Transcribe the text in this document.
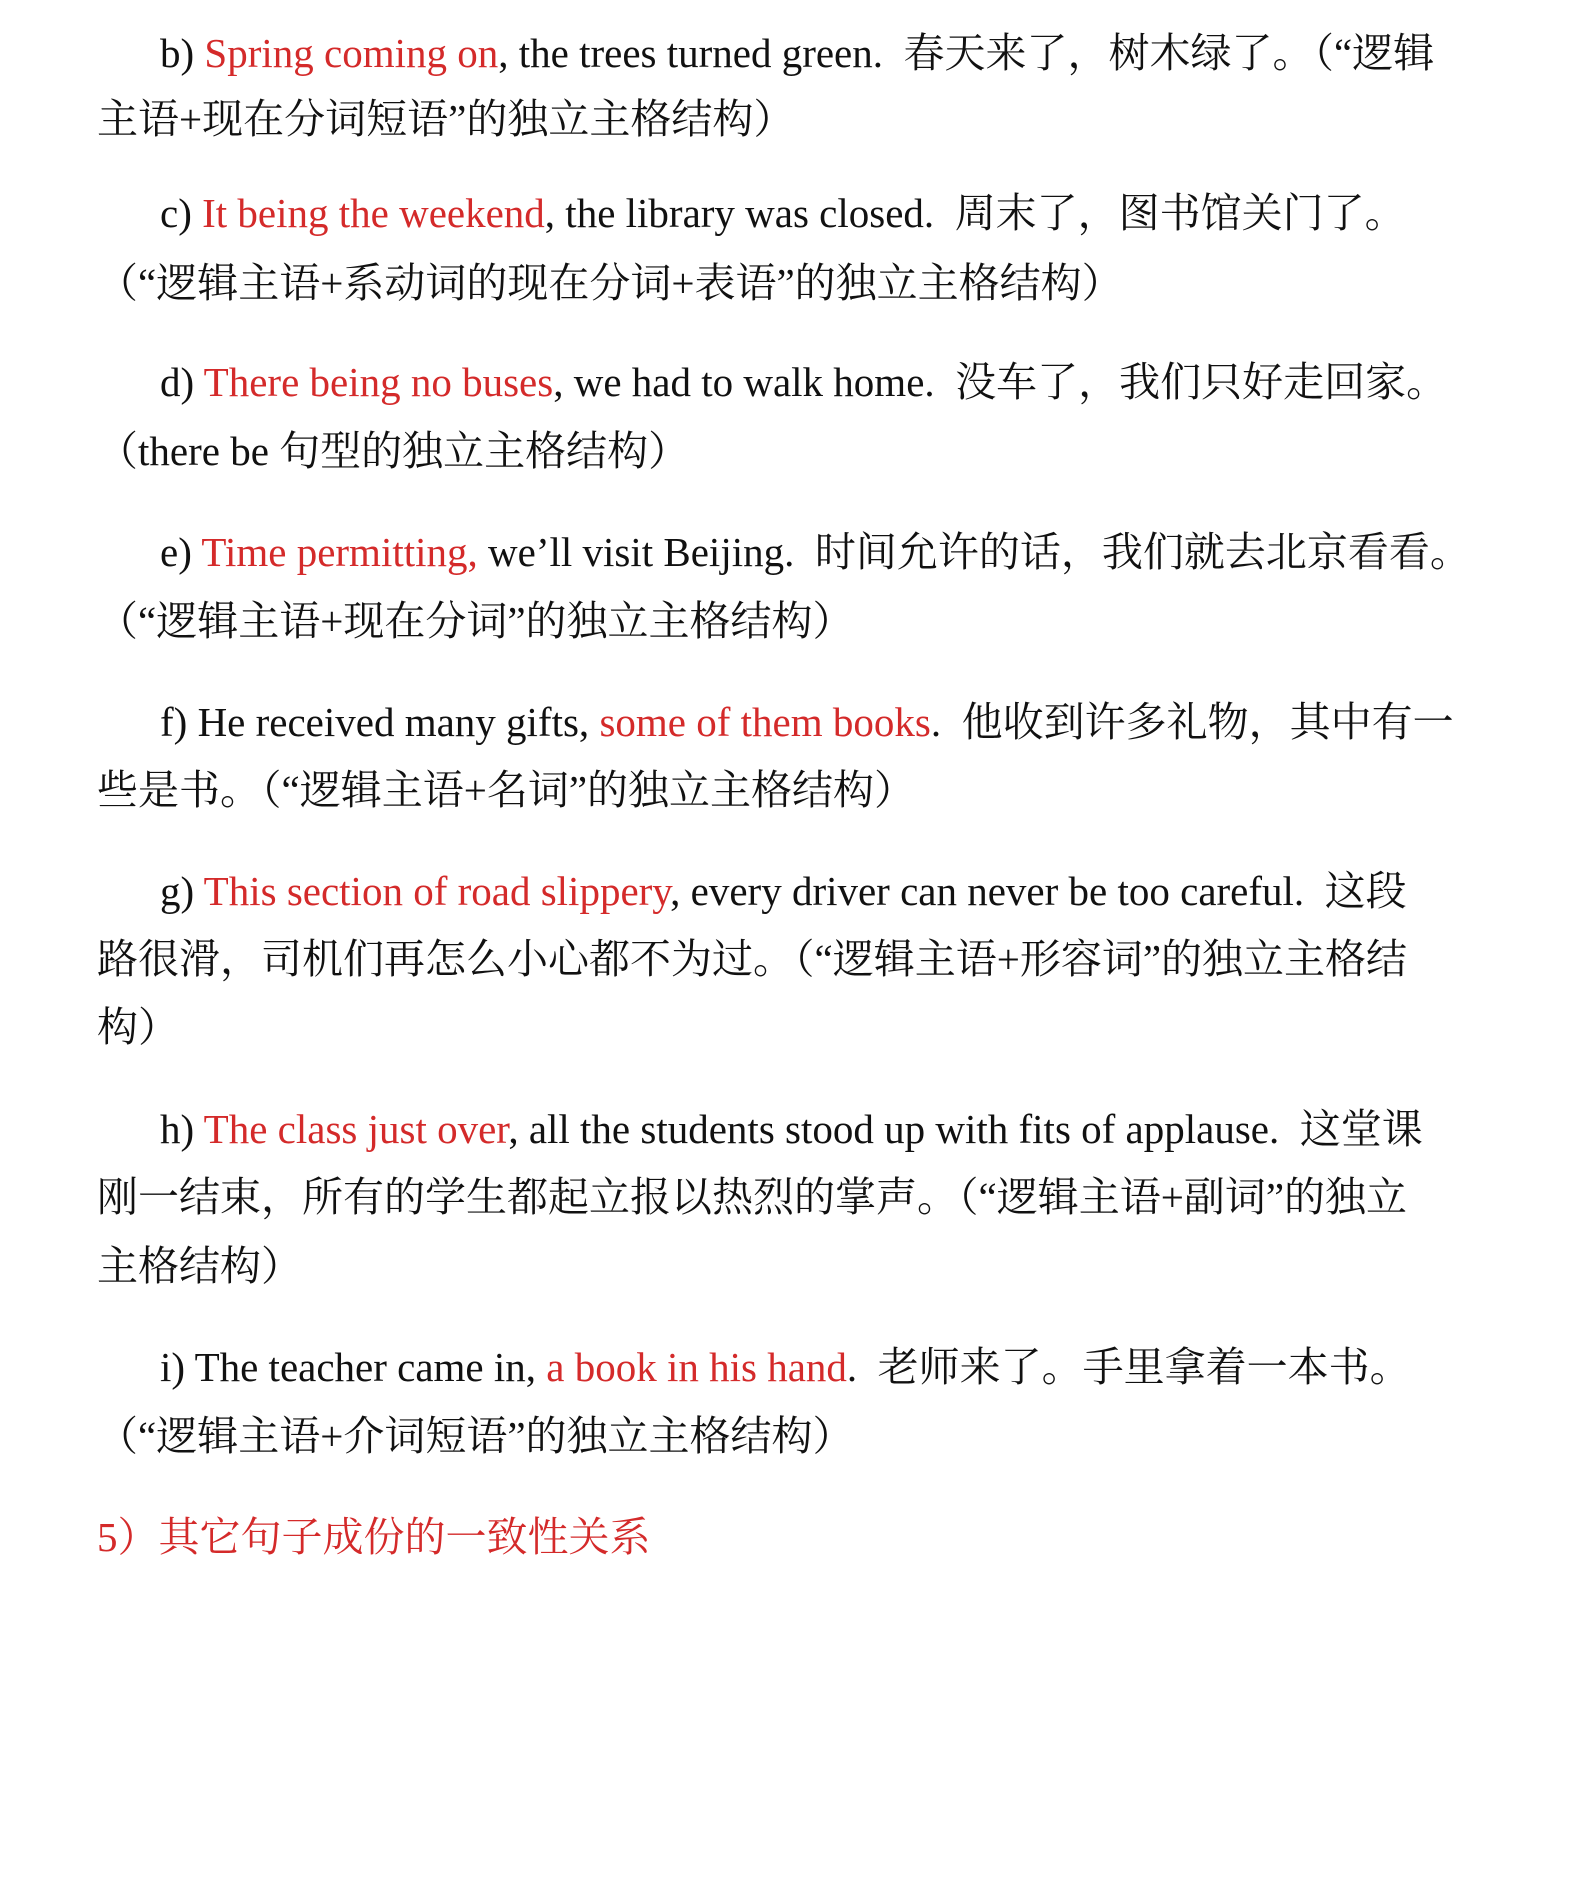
b) Spring coming on, the trees turned green. 春天来了，树木绿了。（“逻辑
主语+现在分词短语”的独立主格结构）
c) It being the weekend, the library was closed. 周末了，图书馆关门了。
（“逻辑主语+系动词的现在分词+表语”的独立主格结构）
d) There being no buses, we had to walk home. 没车了，我们只好走回家。
（there be 句型的独立主格结构）
e) Time permitting, we’ll visit Beijing. 时间允许的话，我们就去北京看看。
（“逻辑主语+现在分词”的独立主格结构）
f) He received many gifts, some of them books. 他收到许多礼物，其中有一
些是书。（“逻辑主语+名词”的独立主格结构）
g) This section of road slippery, every driver can never be too careful. 这段
路很滑，司机们再怎么小心都不为过。（“逻辑主语+形容词”的独立主格结
构）
h) The class just over, all the students stood up with fits of applause. 这堂课
刚一结束，所有的学生都起立报以热烈的掌声。（“逻辑主语+副词”的独立
主格结构）
i) The teacher came in, a book in his hand. 老师来了。手里拿着一本书。
（“逻辑主语+介词短语”的独立主格结构）
5）其它句子成份的一致性关系
